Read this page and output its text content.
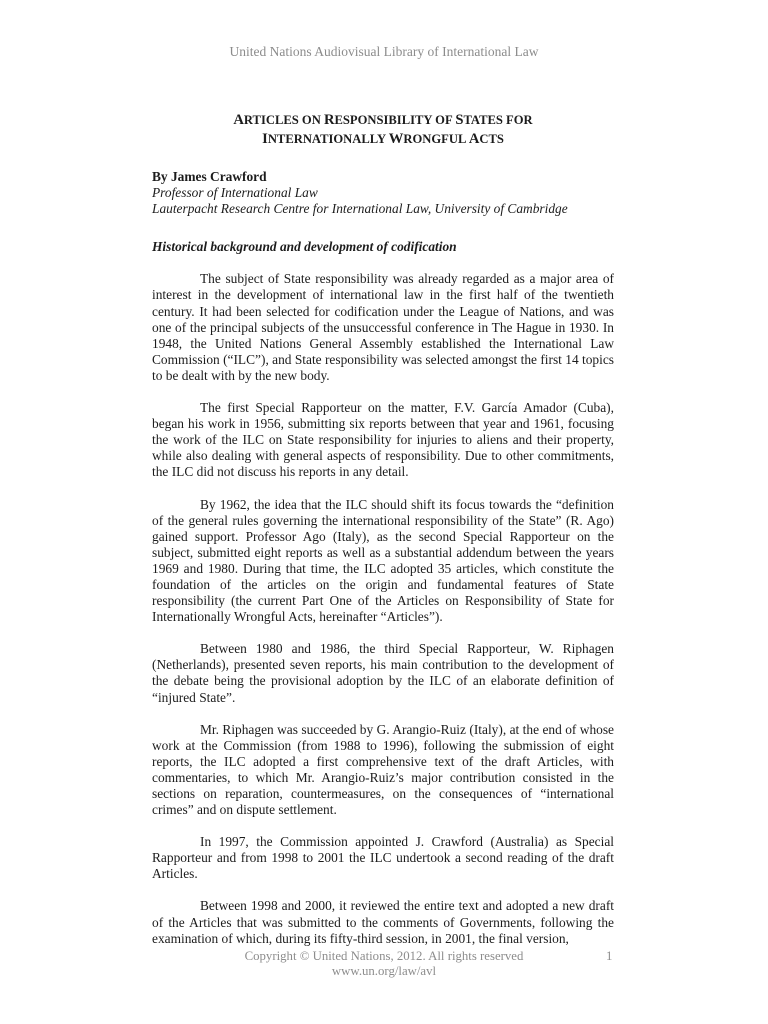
United Nations Audiovisual Library of International Law

ARTICLES ON RESPONSIBILITY OF STATES FOR
INTERNATIONALLY WRONGFUL ACTS

By James Crawford

Professor of International Law

Lauterpacht Research Centre for International Law, University of Cambridge

Historical background and development of codification

The subject of State responsibility was already regarded as a major area of interest in the development of international law in the first half of the twentieth century. It had been selected for codification under the League of Nations, and was one of the principal subjects of the unsuccessful conference in The Hague in 1930. In 1948, the United Nations General Assembly established the International Law Commission (“ILC”), and State responsibility was selected amongst the first 14 topics to be dealt with by the new body.

The first Special Rapporteur on the matter, F.V. García Amador (Cuba), began his work in 1956, submitting six reports between that year and 1961, focusing the work of the ILC on State responsibility for injuries to aliens and their property, while also dealing with general aspects of responsibility. Due to other commitments, the ILC did not discuss his reports in any detail.

By 1962, the idea that the ILC should shift its focus towards the “definition of the general rules governing the international responsibility of the State” (R. Ago) gained support. Professor Ago (Italy), as the second Special Rapporteur on the subject, submitted eight reports as well as a substantial addendum between the years 1969 and 1980. During that time, the ILC adopted 35 articles, which constitute the foundation of the articles on the origin and fundamental features of State responsibility (the current Part One of the Articles on Responsibility of State for Internationally Wrongful Acts, hereinafter “Articles”).

Between 1980 and 1986, the third Special Rapporteur, W. Riphagen (Netherlands), presented seven reports, his main contribution to the development of the debate being the provisional adoption by the ILC of an elaborate definition of “injured State”.

Mr. Riphagen was succeeded by G. Arangio-Ruiz (Italy), at the end of whose work at the Commission (from 1988 to 1996), following the submission of eight reports, the ILC adopted a first comprehensive text of the draft Articles, with commentaries, to which Mr. Arangio-Ruiz’s major contribution consisted in the sections on reparation, countermeasures, on the consequences of “international crimes” and on dispute settlement.

In 1997, the Commission appointed J. Crawford (Australia) as Special Rapporteur and from 1998 to 2001 the ILC undertook a second reading of the draft Articles.

Between 1998 and 2000, it reviewed the entire text and adopted a new draft of the Articles that was submitted to the comments of Governments, following the examination of which, during its fifty-third session, in 2001, the final version,

Copyright © United Nations, 2012. All rights reserved
www.un.org/law/avl
1
